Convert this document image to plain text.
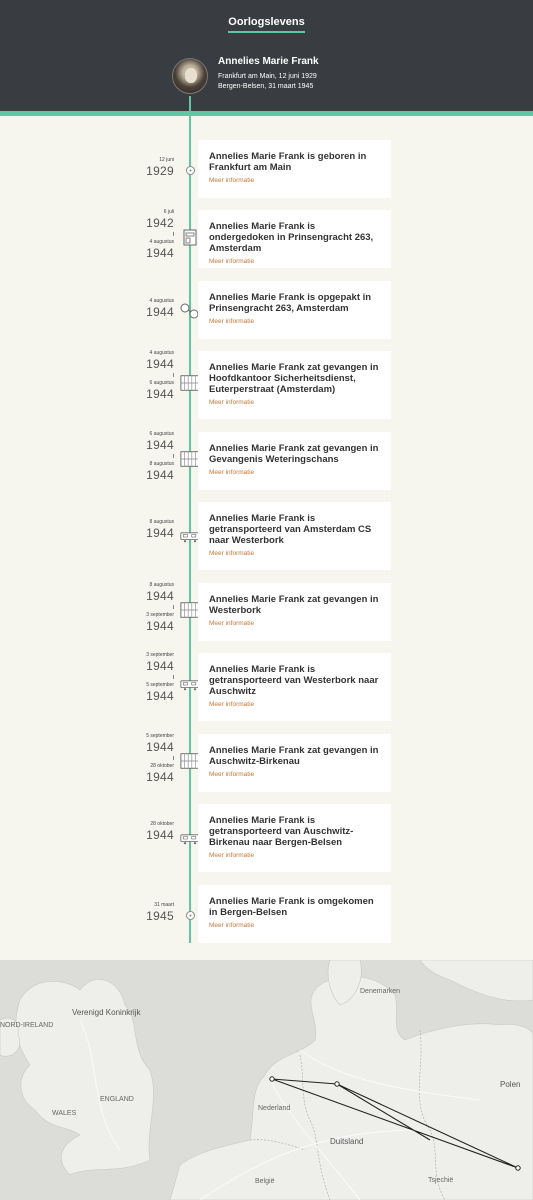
Oorlogslevens
Annelies Marie Frank
Frankfurt am Main, 12 juni 1929
Bergen-Belsen, 31 maart 1945
12 juni
1929
Annelies Marie Frank is geboren in Frankfurt am Main
Meer informatie
6 juli
1942
4 augustus
1944
Annelies Marie Frank is ondergedoken in Prinsengracht 263, Amsterdam
Meer informatie
4 augustus
1944
Annelies Marie Frank is opgepakt in Prinsengracht 263, Amsterdam
Meer informatie
4 augustus
1944
6 augustus
1944
Annelies Marie Frank zat gevangen in Hoofdkantoor Sicherheitsdienst, Euterperstraat (Amsterdam)
Meer informatie
6 augustus
1944
8 augustus
1944
Annelies Marie Frank zat gevangen in Gevangenis Weteringschans
Meer informatie
8 augustus
1944
Annelies Marie Frank is getransporteerd van Amsterdam CS naar Westerbork
Meer informatie
8 augustus
1944
3 september
1944
Annelies Marie Frank zat gevangen in Westerbork
Meer informatie
3 september
1944
5 september
1944
Annelies Marie Frank is getransporteerd van Westerbork naar Auschwitz
Meer informatie
5 september
1944
28 oktober
1944
Annelies Marie Frank zat gevangen in Auschwitz-Birkenau
Meer informatie
28 oktober
1944
Annelies Marie Frank is getransporteerd van Auschwitz-Birkenau naar Bergen-Belsen
Meer informatie
31 maart
1945
Annelies Marie Frank is omgekomen in Bergen-Belsen
Meer informatie
Verenigd Koninkrijk
Denemarken
Polen
Duitsland
Nederland
België
WALES
ENGLAND
NORD-IRELAND
Tsjechië
